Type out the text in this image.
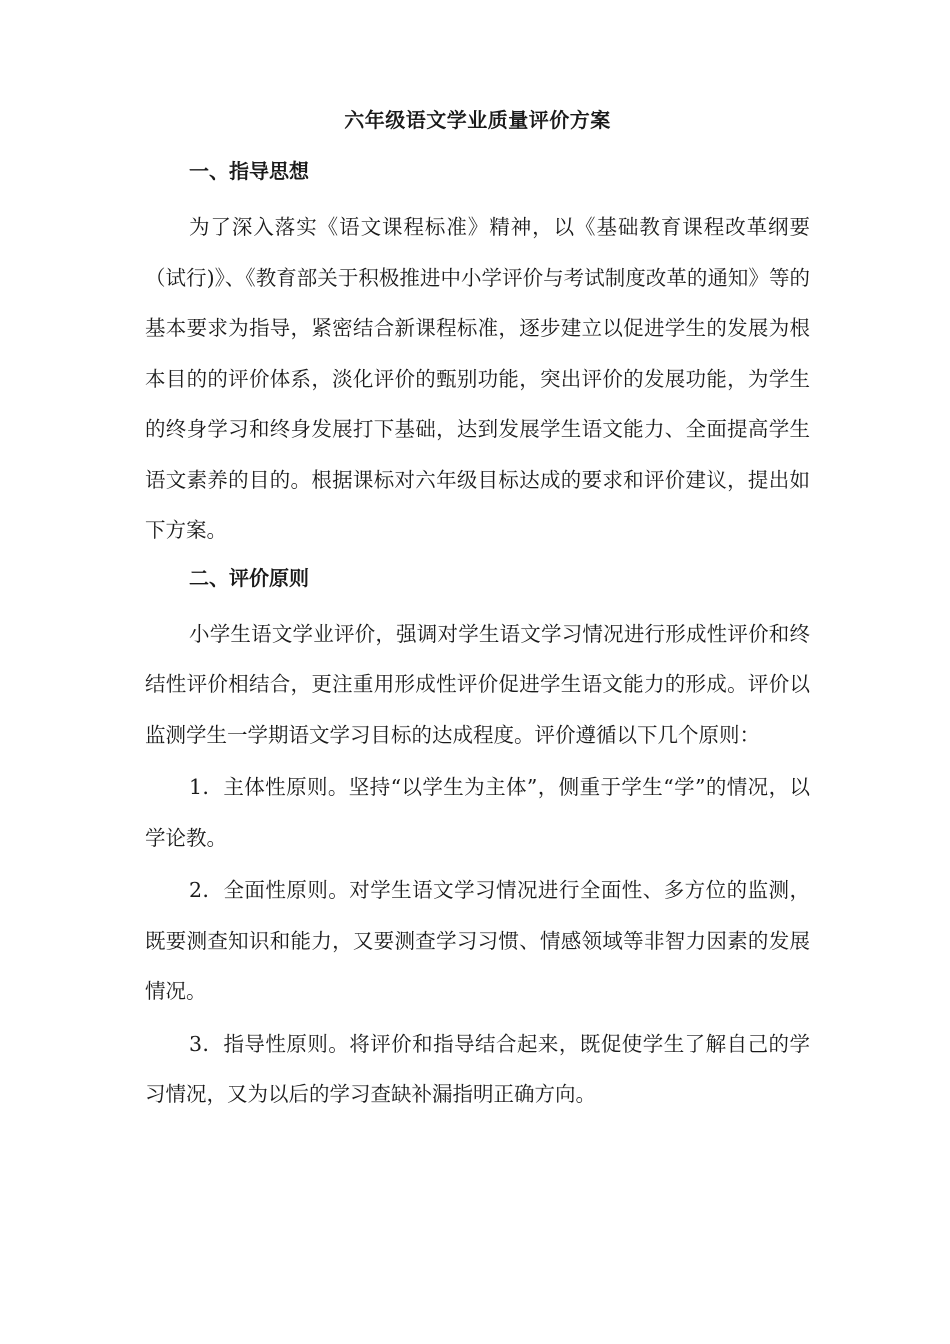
六年级语文学业质量评价方案
一、指导思想
为了深入落实《语文课程标准》精神，以《基础教育课程改革纲要（试行)》、《教育部关于积极推进中小学评价与考试制度改革的通知》等的基本要求为指导，紧密结合新课程标准，逐步建立以促进学生的发展为根本目的的评价体系，淡化评价的甄别功能，突出评价的发展功能，为学生的终身学习和终身发展打下基础，达到发展学生语文能力、全面提高学生语文素养的目的。根据课标对六年级目标达成的要求和评价建议，提出如下方案。
二、评价原则
小学生语文学业评价，强调对学生语文学习情况进行形成性评价和终结性评价相结合，更注重用形成性评价促进学生语文能力的形成。评价以监测学生一学期语文学习目标的达成程度。评价遵循以下几个原则：
1．主体性原则。坚持“以学生为主体”，侧重于学生“学”的情况，以学论教。
2．全面性原则。对学生语文学习情况进行全面性、多方位的监测，既要测查知识和能力，又要测查学习习惯、情感领域等非智力因素的发展情况。
3．指导性原则。将评价和指导结合起来，既促使学生了解自己的学习情况，又为以后的学习查缺补漏指明正确方向。
